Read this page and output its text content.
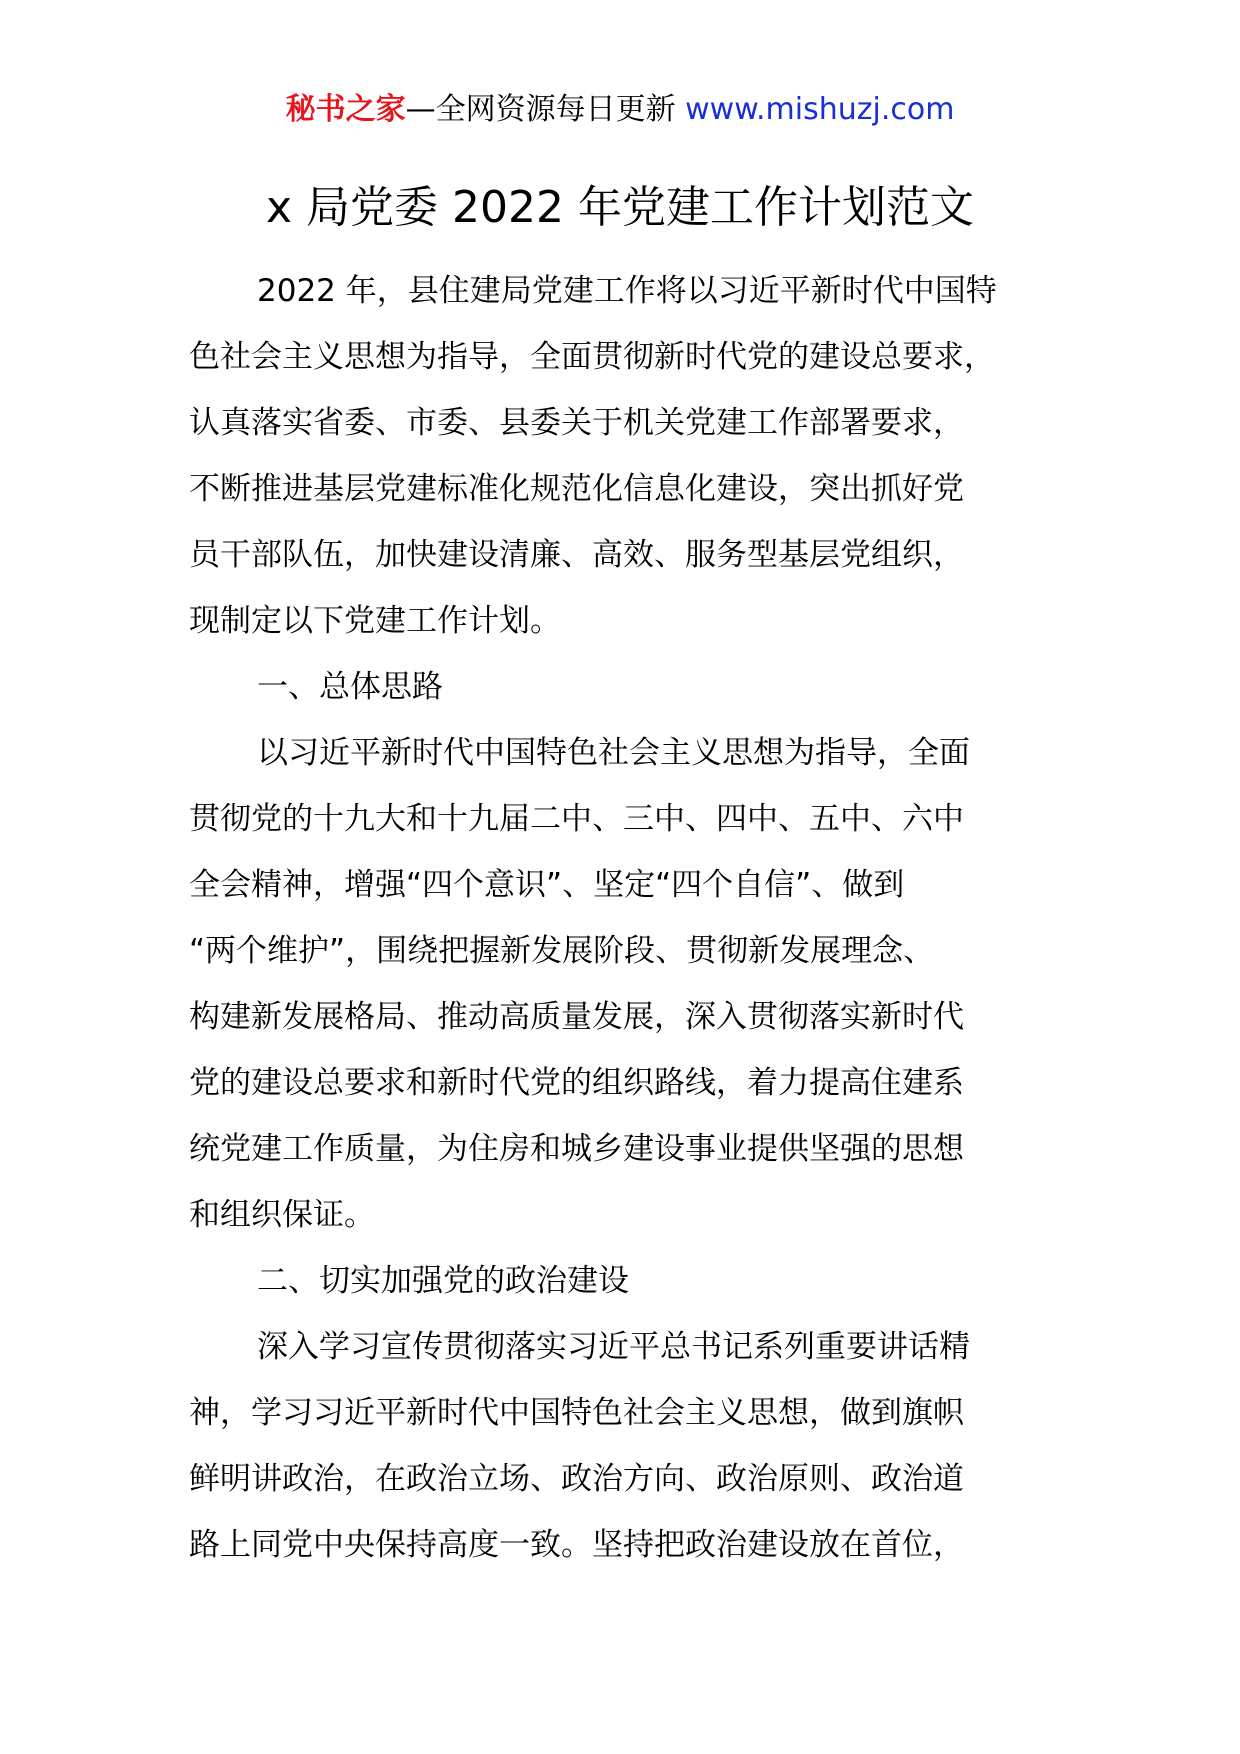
秘书之家—全网资源每日更新 www.mishuzj.com
x 局党委 2022 年党建工作计划范文
2022 年，县住建局党建工作将以习近平新时代中国特
色社会主义思想为指导，全面贯彻新时代党的建设总要求，
认真落实省委、市委、县委关于机关党建工作部署要求，
不断推进基层党建标准化规范化信息化建设，突出抓好党
员干部队伍，加快建设清廉、高效、服务型基层党组织，
现制定以下党建工作计划。
一、总体思路
以习近平新时代中国特色社会主义思想为指导，全面
贯彻党的十九大和十九届二中、三中、四中、五中、六中
全会精神，增强“四个意识”、坚定“四个自信”、做到
“两个维护”，围绕把握新发展阶段、贯彻新发展理念、
构建新发展格局、推动高质量发展，深入贯彻落实新时代
党的建设总要求和新时代党的组织路线，着力提高住建系
统党建工作质量，为住房和城乡建设事业提供坚强的思想
和组织保证。
二、切实加强党的政治建设
深入学习宣传贯彻落实习近平总书记系列重要讲话精
神，学习习近平新时代中国特色社会主义思想，做到旗帜
鲜明讲政治，在政治立场、政治方向、政治原则、政治道
路上同党中央保持高度一致。坚持把政治建设放在首位，
